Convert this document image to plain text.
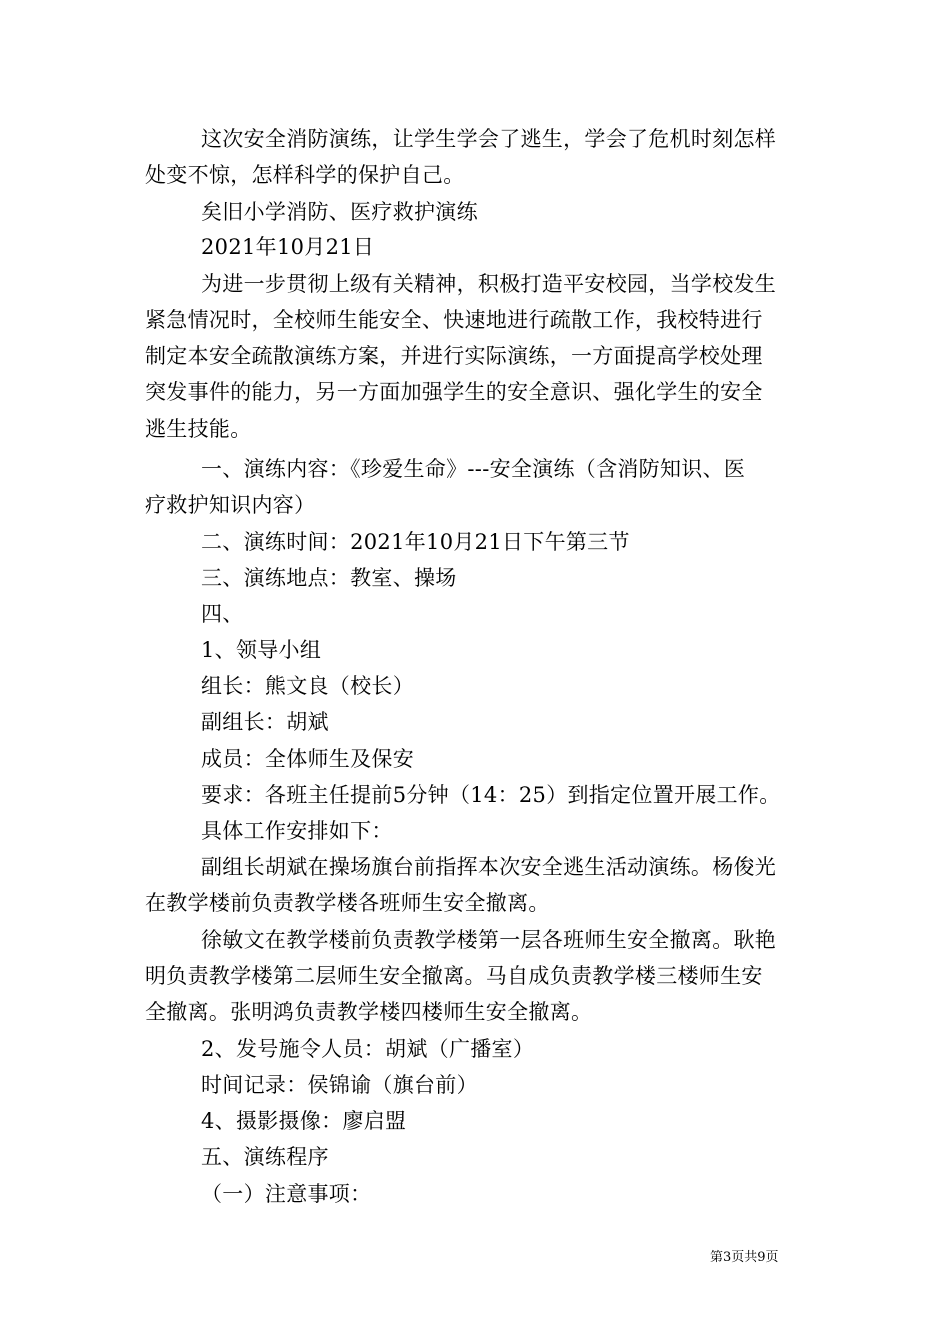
这次安全消防演练，让学生学会了逃生，学会了危机时刻怎样
处变不惊，怎样科学的保护自己。
矣旧小学消防、医疗救护演练
2021年10月21日
为进一步贯彻上级有关精神，积极打造平安校园，当学校发生
紧急情况时，全校师生能安全、快速地进行疏散工作，我校特进行
制定本安全疏散演练方案，并进行实际演练，一方面提高学校处理
突发事件的能力，另一方面加强学生的安全意识、强化学生的安全
逃生技能。
一、演练内容：《珍爱生命》---安全演练（含消防知识、医
疗救护知识内容）
二、演练时间：2021年10月21日下午第三节
三、演练地点：教室、操场
四、
1、领导小组
组长：熊文良（校长）
副组长：胡斌
成员：全体师生及保安
要求：各班主任提前5分钟（14：25）到指定位置开展工作。
具体工作安排如下：
副组长胡斌在操场旗台前指挥本次安全逃生活动演练。杨俊光
在教学楼前负责教学楼各班师生安全撤离。
徐敏文在教学楼前负责教学楼第一层各班师生安全撤离。耿艳
明负责教学楼第二层师生安全撤离。马自成负责教学楼三楼师生安
全撤离。张明鸿负责教学楼四楼师生安全撤离。
2、发号施令人员：胡斌（广播室）
时间记录：侯锦谕（旗台前）
4、摄影摄像：廖启盟
五、演练程序
（一）注意事项：
第3页共9页
